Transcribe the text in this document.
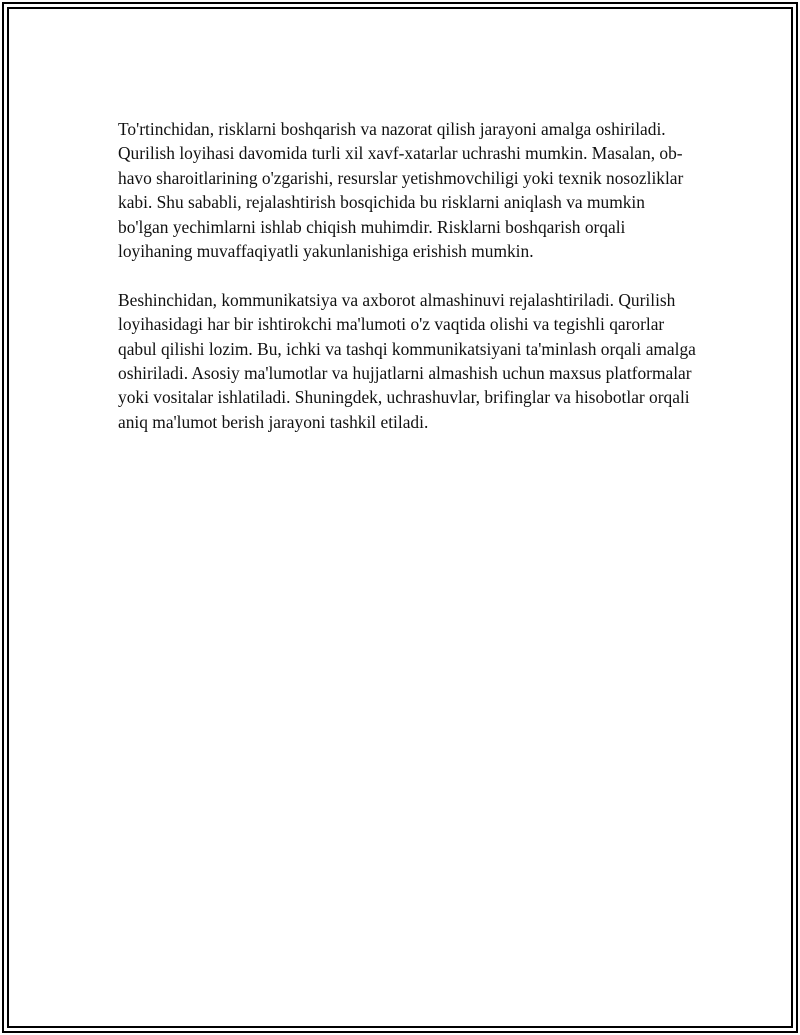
To'rtinchidan, risklarni boshqarish va nazorat qilish jarayoni amalga oshiriladi. Qurilish loyihasi davomida turli xil xavf-xatarlar uchrashi mumkin. Masalan, ob-havo sharoitlarining o'zgarishi, resurslar yetishmovchiligi yoki texnik nosozliklar kabi. Shu sababli, rejalashtirish bosqichida bu risklarni aniqlash va mumkin bo'lgan yechimlarni ishlab chiqish muhimdir. Risklarni boshqarish orqali loyihaning muvaffaqiyatli yakunlanishiga erishish mumkin.

Beshinchidan, kommunikatsiya va axborot almashinuvi rejalashtiriladi. Qurilish loyihasidagi har bir ishtirokchi ma'lumoti o'z vaqtida olishi va tegishli qarorlar qabul qilishi lozim. Bu, ichki va tashqi kommunikatsiyani ta'minlash orqali amalga oshiriladi. Asosiy ma'lumotlar va hujjatlarni almashish uchun maxsus platformalar yoki vositalar ishlatiladi. Shuningdek, uchrashuvlar, brifinglar va hisobotlar orqali aniq ma'lumot berish jarayoni tashkil etiladi.
